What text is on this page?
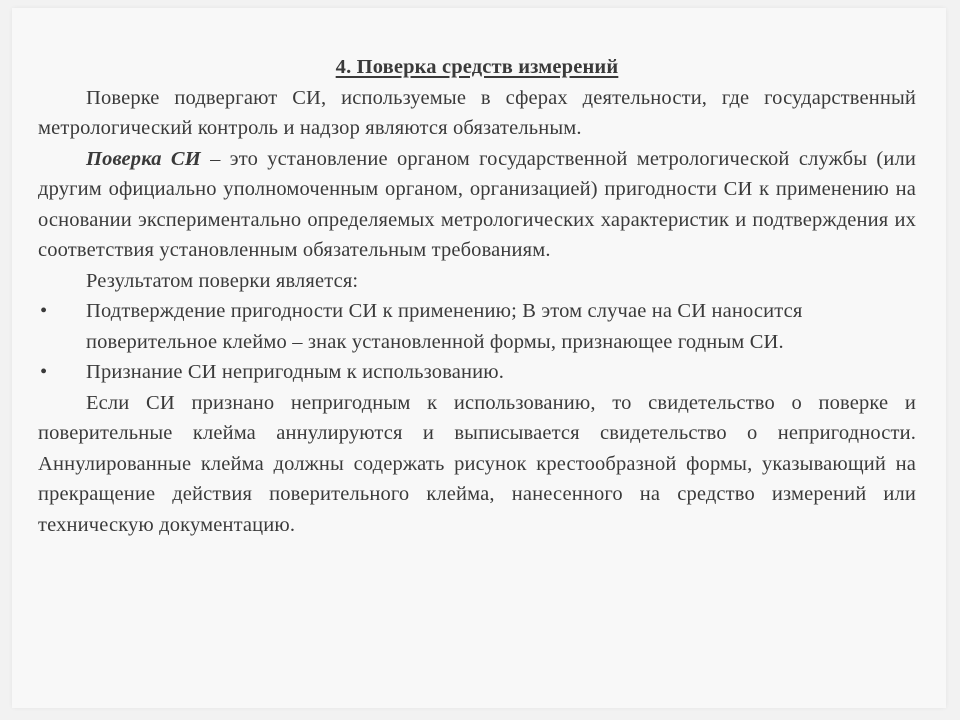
4. Поверка средств измерений

Поверке подвергают СИ, используемые в сферах деятельности, где государственный метрологический контроль и надзор являются обязательным.

Поверка СИ – это установление органом государственной метрологической службы (или другим официально уполномоченным органом, организацией) пригодности СИ к применению на основании экспериментально определяемых метрологических характеристик и подтверждения их соответствия установленным обязательным требованиям.

Результатом поверки является:

• Подтверждение пригодности СИ к применению; В этом случае на СИ наносится поверительное клеймо – знак установленной формы, признающее годным СИ.
• Признание СИ непригодным к использованию.

Если СИ признано непригодным к использованию, то свидетельство о поверке и поверительные клейма аннулируются и выписывается свидетельство о непригодности. Аннулированные клейма должны содержать рисунок крестообразной формы, указывающий на прекращение действия поверительного клейма, нанесенного на средство измерений или техническую документацию.
